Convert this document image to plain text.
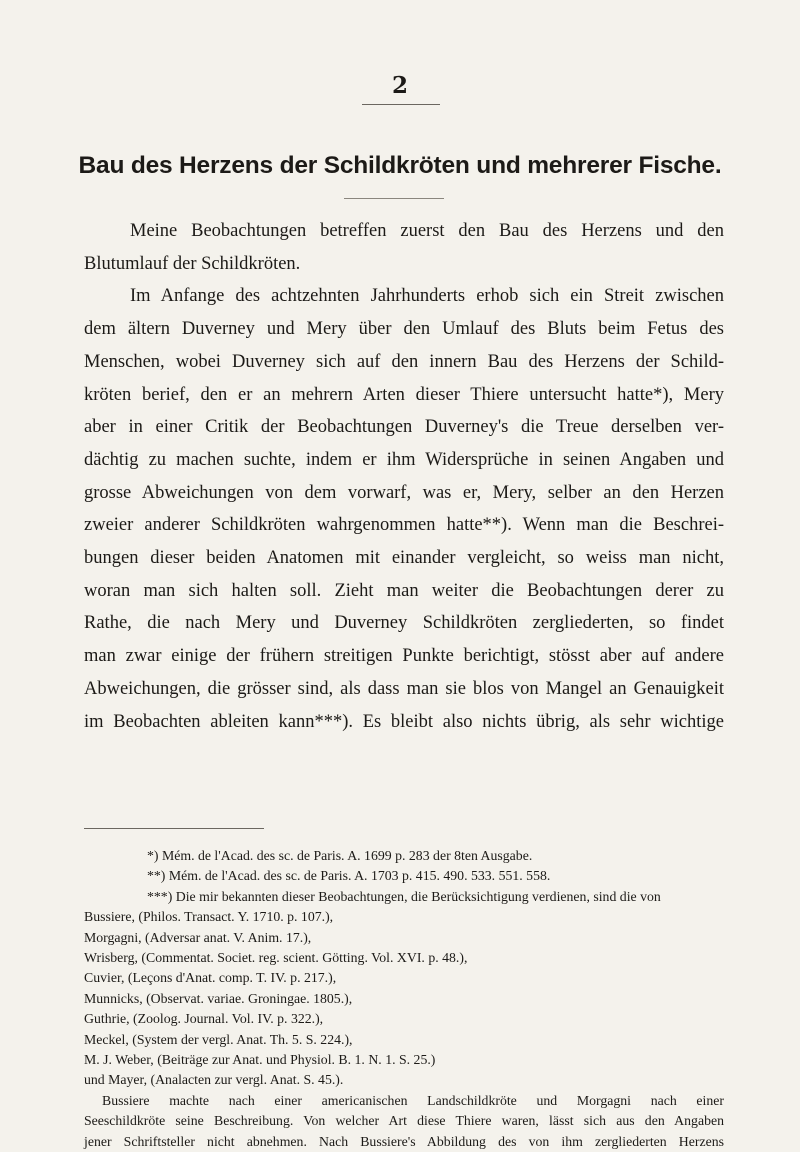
2
Bau des Herzens der Schildkröten und mehrerer Fische.

Meine Beobachtungen betreffen zuerst den Bau des Herzens und den
Blutumlauf der Schildkröten.

Im Anfange des achtzehnten Jahrhunderts erhob sich ein Streit zwischen
dem ältern Duverney und Mery über den Umlauf des Bluts beim Fetus des
Menschen, wobei Duverney sich auf den innern Bau des Herzens der Schild-
kröten berief, den er an mehrern Arten dieser Thiere untersucht hatte*), Mery
aber in einer Critik der Beobachtungen Duverney's die Treue derselben ver-
dächtig zu machen suchte, indem er ihm Widersprüche in seinen Angaben und
grosse Abweichungen von dem vorwarf, was er, Mery, selber an den Herzen
zweier anderer Schildkröten wahrgenommen hatte**). Wenn man die Beschrei-
bungen dieser beiden Anatomen mit einander vergleicht, so weiss man nicht,
woran man sich halten soll. Zieht man weiter die Beobachtungen derer zu
Rathe, die nach Mery und Duverney Schildkröten zergliederten, so findet
man zwar einige der frühern streitigen Punkte berichtigt, stösst aber auf andere
Abweichungen, die grösser sind, als dass man sie blos von Mangel an Genauigkeit
im Beobachten ableiten kann***). Es bleibt also nichts übrig, als sehr wichtige

*) Mém. de l'Acad. des sc. de Paris. A. 1699 p. 283 der 8ten Ausgabe.
**) Mém. de l'Acad. des sc. de Paris. A. 1703 p. 415. 490. 533. 551. 558.
***) Die mir bekannten dieser Beobachtungen, die Berücksichtigung verdienen, sind die von
Bussiere, (Philos. Transact. Y. 1710. p. 107.),
Morgagni, (Adversar anat. V. Anim. 17.),
Wrisberg, (Commentat. Societ. reg. scient. Götting. Vol. XVI. p. 48.),
Cuvier, (Leçons d'Anat. comp. T. IV. p. 217.),
Munnicks, (Observat. variae. Groningae. 1805.),
Guthrie, (Zoolog. Journal. Vol. IV. p. 322.),
Meckel, (System der vergl. Anat. Th. 5. S. 224.),
M. J. Weber, (Beiträge zur Anat. und Physiol. B. 1. N. 1. S. 25.)
und Mayer, (Analacten zur vergl. Anat. S. 45.).
Bussiere machte nach einer americanischen Landschildkröte und Morgagni nach einer
Seeschildkröte seine Beschreibung. Von welcher Art diese Thiere waren, lässt sich aus den Angaben
jener Schriftsteller nicht abnehmen. Nach Bussiere's Abbildung des von ihm zergliederten Herzens
